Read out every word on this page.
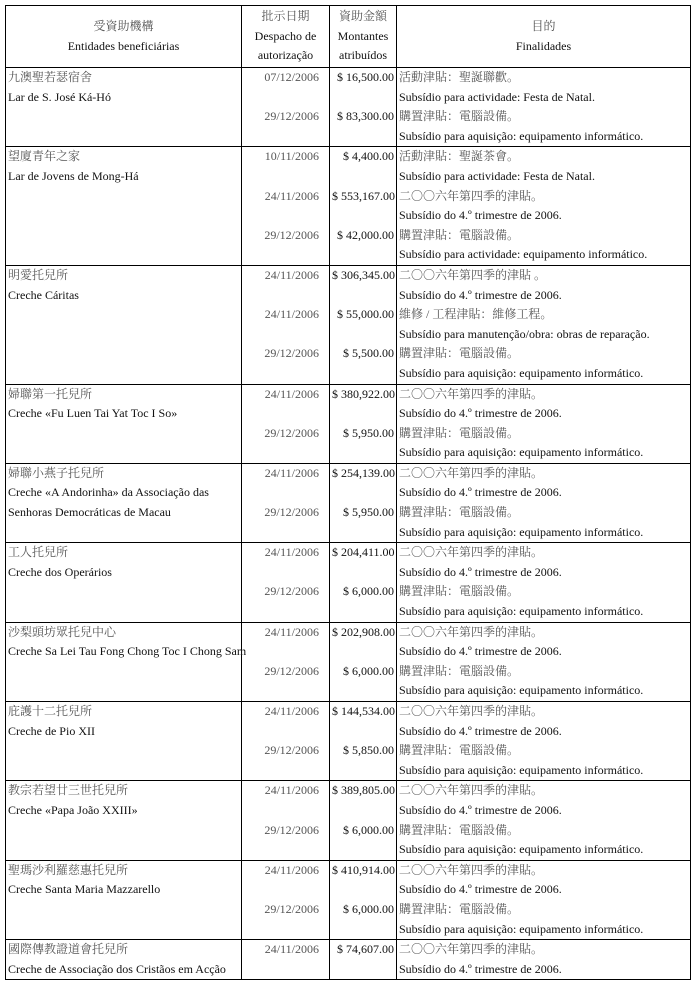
受資助機構
Entidades beneficiárias
批示日期
Despacho de
autorização
資助金額
Montantes
atribuídos
目的
Finalidades
九澳聖若瑟宿舍
Lar de S. José Ká-Hó
07/12/2006
29/12/2006
$ 16,500.00
$ 83,300.00
活動津貼：聖誕聯歡。
Subsídio para actividade: Festa de Natal.
購置津貼：電腦設備。
Subsídio para aquisição: equipamento informático.
望廈青年之家
Lar de Jovens de Mong-Há
10/11/2006
24/11/2006
29/12/2006
$ 4,400.00
$ 553,167.00
$ 42,000.00
活動津貼：聖誕茶會。
Subsídio para actividade: Festa de Natal.
二〇〇六年第四季的津貼。
Subsídio do 4.º trimestre de 2006.
購置津貼：電腦設備。
Subsídio para actividade: equipamento informático.
明愛托兒所
Creche Cáritas
24/11/2006
24/11/2006
29/12/2006
$ 306,345.00
$ 55,000.00
$ 5,500.00
二〇〇六年第四季的津貼 。
Subsídio do 4.º trimestre de 2006.
維修 / 工程津貼：維修工程。
Subsídio para manutenção/obra: obras de reparação.
購置津貼：電腦設備。
Subsídio para aquisição: equipamento informático.
婦聯第一托兒所
Creche «Fu Luen Tai Yat Toc I So»
24/11/2006
29/12/2006
$ 380,922.00
$ 5,950.00
二〇〇六年第四季的津貼。
Subsídio do 4.º trimestre de 2006.
購置津貼：電腦設備。
Subsídio para aquisição: equipamento informático.
婦聯小燕子托兒所
Creche «A Andorinha» da Associação das
Senhoras Democráticas de Macau
24/11/2006
29/12/2006
$ 254,139.00
$ 5,950.00
二〇〇六年第四季的津貼。
Subsídio do 4.º trimestre de 2006.
購置津貼：電腦設備。
Subsídio para aquisição: equipamento informático.
工人托兒所
Creche dos Operários
24/11/2006
29/12/2006
$ 204,411.00
$ 6,000.00
二〇〇六年第四季的津貼。
Subsídio do 4.º trimestre de 2006.
購置津貼：電腦設備。
Subsídio para aquisição: equipamento informático.
沙梨頭坊眾托兒中心
Creche Sa Lei Tau Fong Chong Toc I Chong Sam
24/11/2006
29/12/2006
$ 202,908.00
$ 6,000.00
二〇〇六年第四季的津貼。
Subsídio do 4.º trimestre de 2006.
購置津貼：電腦設備。
Subsídio para aquisição: equipamento informático.
庇護十二托兒所
Creche de Pio XII
24/11/2006
29/12/2006
$ 144,534.00
$ 5,850.00
二〇〇六年第四季的津貼。
Subsídio do 4.º trimestre de 2006.
購置津貼：電腦設備。
Subsídio para aquisição: equipamento informático.
教宗若望廿三世托兒所
Creche «Papa João XXIII»
24/11/2006
29/12/2006
$ 389,805.00
$ 6,000.00
二〇〇六年第四季的津貼。
Subsídio do 4.º trimestre de 2006.
購置津貼：電腦設備。
Subsídio para aquisição: equipamento informático.
聖瑪沙利羅慈惠托兒所
Creche Santa Maria Mazzarello
24/11/2006
29/12/2006
$ 410,914.00
$ 6,000.00
二〇〇六年第四季的津貼。
Subsídio do 4.º trimestre de 2006.
購置津貼：電腦設備。
Subsídio para aquisição: equipamento informático.
國際傳教證道會托兒所
Creche de Associação dos Cristãos em Acção
24/11/2006	$ 74,607.00 二〇〇六年第四季的津貼。
Subsídio do 4.º trimestre de 2006.
